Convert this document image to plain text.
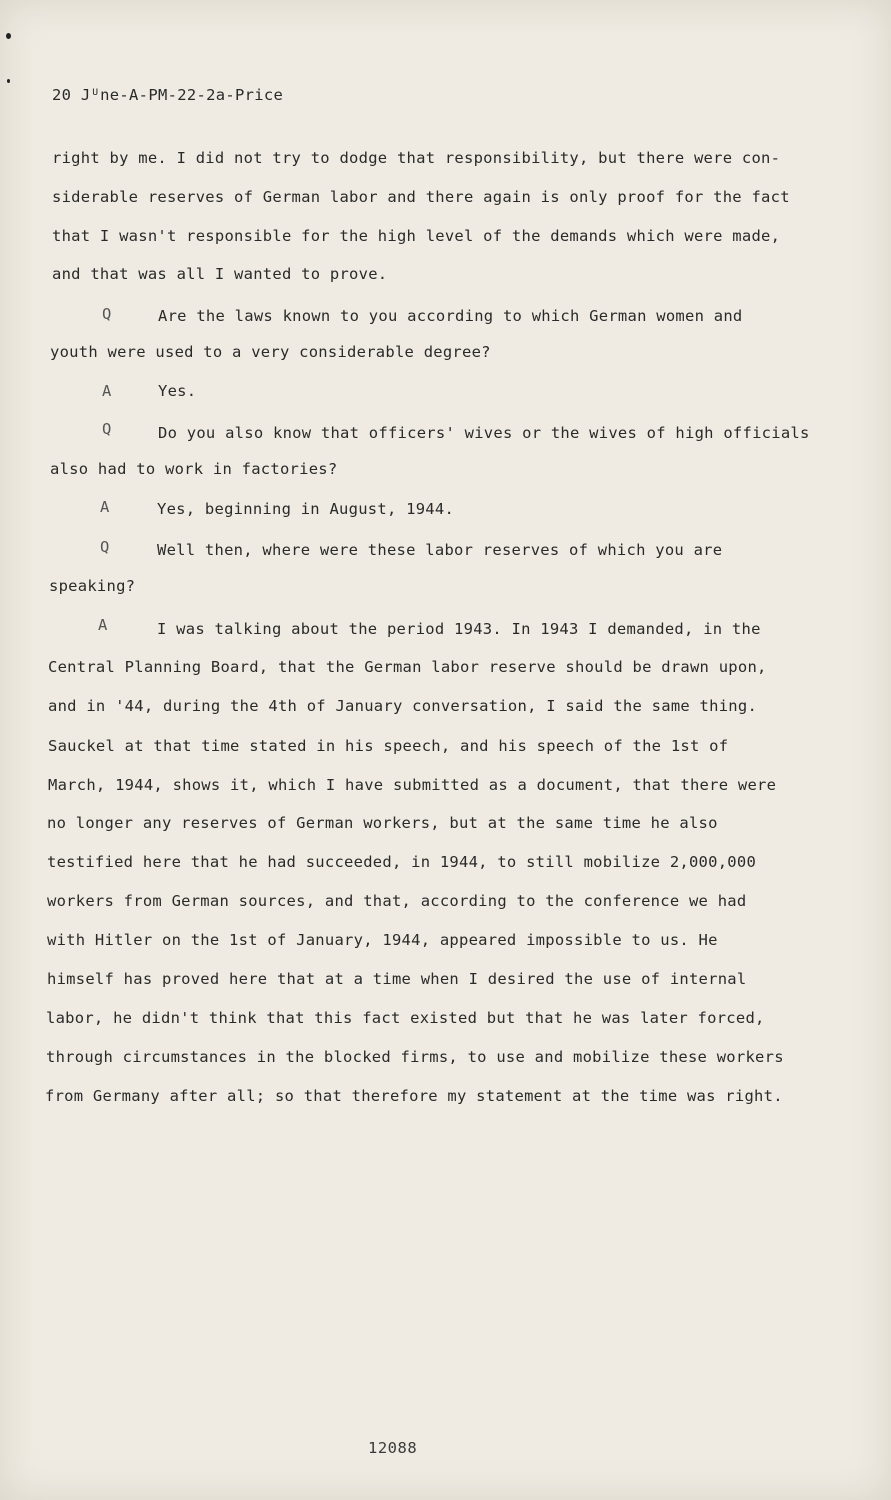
20 Jᵁne-A-PM-22-2a-Price
right by me. I did not try to dodge that responsibility, but there were con-
siderable reserves of German labor and there again is only proof for the fact
that I wasn't responsible for the high level of the demands which were made,
and that was all I wanted to prove.
Q	Are the laws known to you according to which German women and
youth were used to a very considerable degree?
A	Yes.
Q	Do you also know that officers' wives or the wives of high officials
also had to work in factories?
A	Yes, beginning in August, 1944.
Q	Well then, where were these labor reserves of which you are
speaking?
A	I was talking about the period 1943. In 1943 I demanded, in the
Central Planning Board, that the German labor reserve should be drawn upon,
and in '44, during the 4th of January conversation, I said the same thing.
Sauckel at that time stated in his speech, and his speech of the 1st of
March, 1944, shows it, which I have submitted as a document, that there were
no longer any reserves of German workers, but at the same time he also
testified here that he had succeeded, in 1944, to still mobilize 2,000,000
workers from German sources, and that, according to the conference we had
with Hitler on the 1st of January, 1944, appeared impossible to us. He
himself has proved here that at a time when I desired the use of internal
labor, he didn't think that this fact existed but that he was later forced,
through circumstances in the blocked firms, to use and mobilize these workers
from Germany after all; so that therefore my statement at the time was right.
12088
